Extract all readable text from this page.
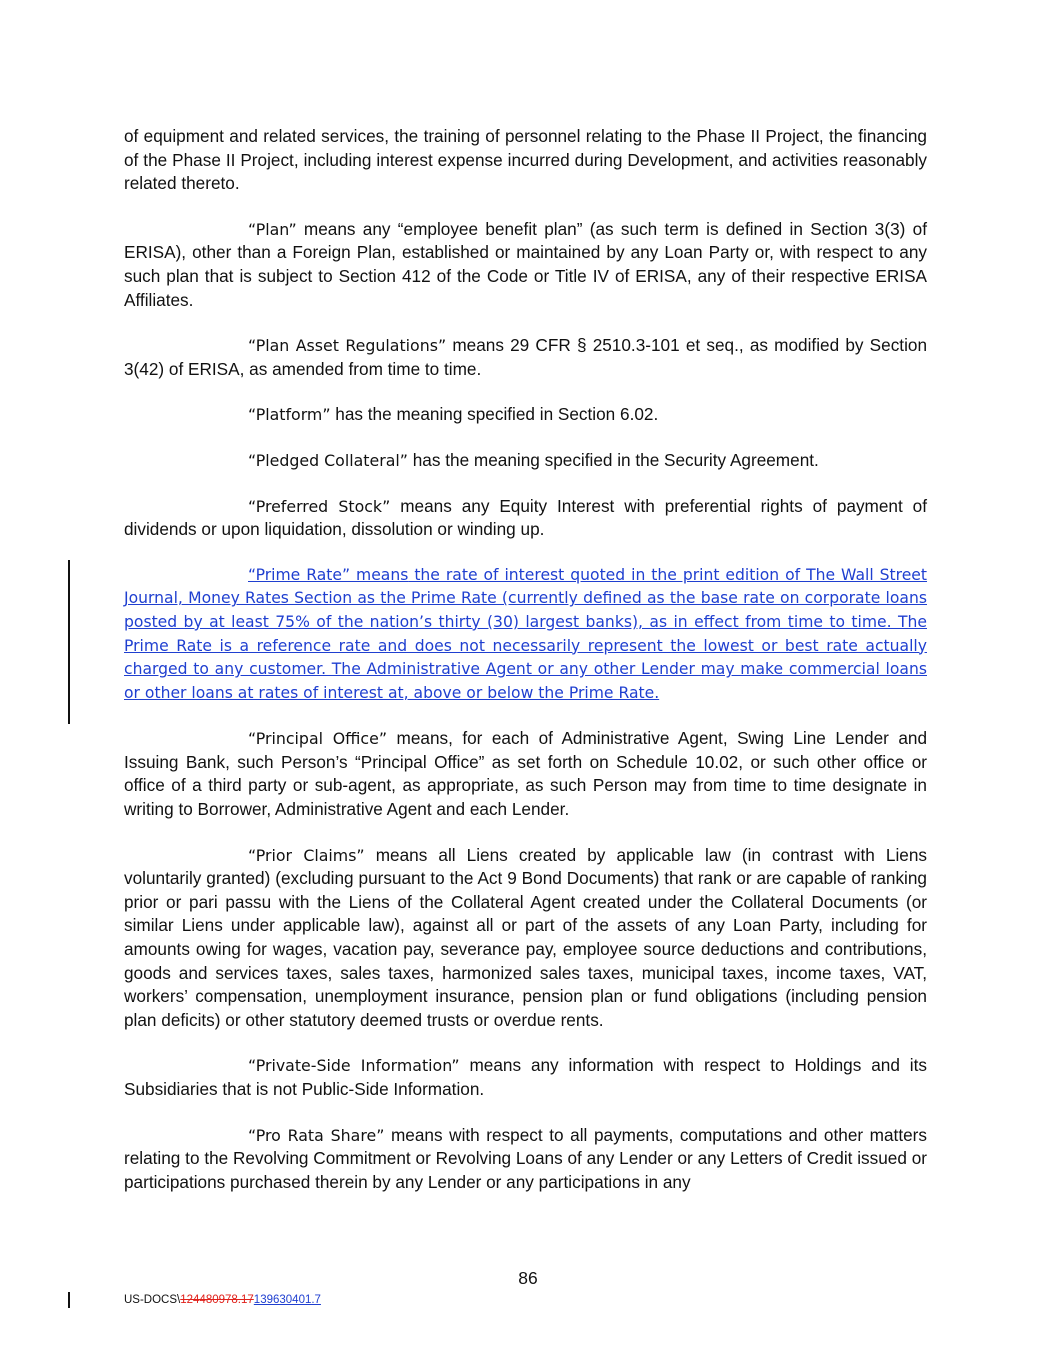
of equipment and related services, the training of personnel relating to the Phase II Project, the financing of the Phase II Project, including interest expense incurred during Development, and activities reasonably related thereto.

“Plan” means any “employee benefit plan” (as such term is defined in Section 3(3) of ERISA), other than a Foreign Plan, established or maintained by any Loan Party or, with respect to any such plan that is subject to Section 412 of the Code or Title IV of ERISA, any of their respective ERISA Affiliates.

“Plan Asset Regulations” means 29 CFR § 2510.3-101 et seq., as modified by Section 3(42) of ERISA, as amended from time to time.

“Platform” has the meaning specified in Section 6.02.

“Pledged Collateral” has the meaning specified in the Security Agreement.

“Preferred Stock” means any Equity Interest with preferential rights of payment of dividends or upon liquidation, dissolution or winding up.

“Prime Rate” means the rate of interest quoted in the print edition of The Wall Street Journal, Money Rates Section as the Prime Rate (currently defined as the base rate on corporate loans posted by at least 75% of the nation’s thirty (30) largest banks), as in effect from time to time. The Prime Rate is a reference rate and does not necessarily represent the lowest or best rate actually charged to any customer. The Administrative Agent or any other Lender may make commercial loans or other loans at rates of interest at, above or below the Prime Rate.

“Principal Office” means, for each of Administrative Agent, Swing Line Lender and Issuing Bank, such Person’s “Principal Office” as set forth on Schedule 10.02, or such other office or office of a third party or sub-agent, as appropriate, as such Person may from time to time designate in writing to Borrower, Administrative Agent and each Lender.

“Prior Claims” means all Liens created by applicable law (in contrast with Liens voluntarily granted) (excluding pursuant to the Act 9 Bond Documents) that rank or are capable of ranking prior or pari passu with the Liens of the Collateral Agent created under the Collateral Documents (or similar Liens under applicable law), against all or part of the assets of any Loan Party, including for amounts owing for wages, vacation pay, severance pay, employee source deductions and contributions, goods and services taxes, sales taxes, harmonized sales taxes, municipal taxes, income taxes, VAT, workers’ compensation, unemployment insurance, pension plan or fund obligations (including pension plan deficits) or other statutory deemed trusts or overdue rents.

“Private-Side Information” means any information with respect to Holdings and its Subsidiaries that is not Public-Side Information.

“Pro Rata Share” means with respect to all payments, computations and other matters relating to the Revolving Commitment or Revolving Loans of any Lender or any Letters of Credit issued or participations purchased therein by any Lender or any participations in any

86
US-DOCS\124480978.17139630401.7
